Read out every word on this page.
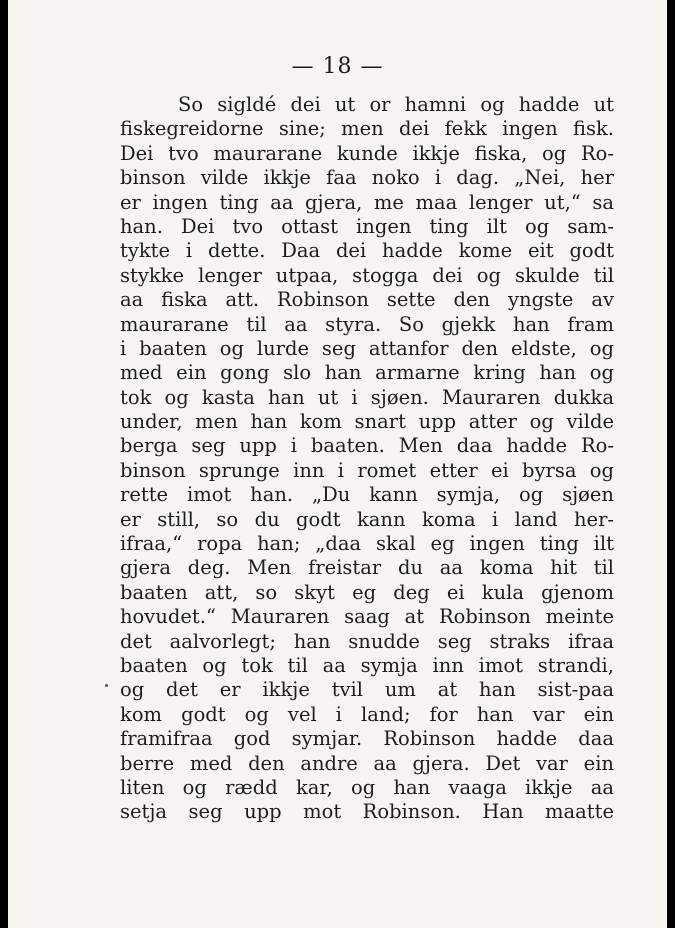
— 18 —
So sigldé dei ut or hamni og hadde ut
fiskegreidorne sine; men dei fekk ingen fisk.
Dei tvo maurarane kunde ikkje fiska, og Ro-
binson vilde ikkje faa noko i dag. „Nei, her
er ingen ting aa gjera, me maa lenger ut,“ sa
han. Dei tvo ottast ingen ting ilt og sam-
tykte i dette. Daa dei hadde kome eit godt
stykke lenger utpaa, stogga dei og skulde til
aa fiska att. Robinson sette den yngste av
maurarane til aa styra. So gjekk han fram
i baaten og lurde seg attanfor den eldste, og
med ein gong slo han armarne kring han og
tok og kasta han ut i sjøen. Mauraren dukka
under, men han kom snart upp atter og vilde
berga seg upp i baaten. Men daa hadde Ro-
binson sprunge inn i romet etter ei byrsa og
rette imot han. „Du kann symja, og sjøen
er still, so du godt kann koma i land her-
ifraa,“ ropa han; „daa skal eg ingen ting ilt
gjera deg. Men freistar du aa koma hit til
baaten att, so skyt eg deg ei kula gjenom
hovudet.“ Mauraren saag at Robinson meinte
det aalvorlegt; han snudde seg straks ifraa
baaten og tok til aa symja inn imot strandi,
og det er ikkje tvil um at han sist-paa
kom godt og vel i land; for han var ein
framifraa god symjar. Robinson hadde daa
berre med den andre aa gjera. Det var ein
liten og rædd kar, og han vaaga ikkje aa
setja seg upp mot Robinson. Han maatte
